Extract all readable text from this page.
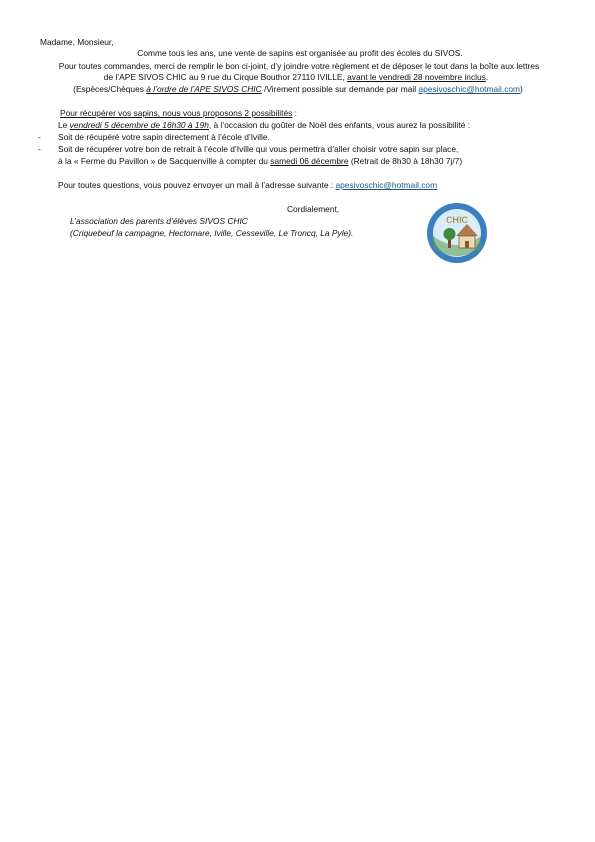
Madame, Monsieur,
Comme tous les ans, une vente de sapins est organisée au profit des écoles du SIVOS.
Pour toutes commandes, merci de remplir le bon ci-joint, d’y joindre votre règlement et de déposer le tout dans la boîte aux lettres
de l’APE SIVOS CHIC au 9 rue du Cirque Bouthor 27110 IVILLE, avant le vendredi 28 novembre inclus.
(Espèces/Chèques à l’ordre de l’APE SIVOS CHIC /Virement possible sur demande par mail apesivoschic@hotmail.com)
Pour récupérer vos sapins, nous vous proposons 2 possibilités :
Le vendredi 5 décembre de 16h30 à 19h, à l’occasion du goûter de Noël des enfants, vous aurez la possibilité :
- Soit de récupéré votre sapin directement à l’école d’Iville.
- Soit de récupérer votre bon de retrait à l’école d’Iville qui vous permettra d’aller choisir votre sapin sur place,
à la « Ferme du Pavillon » de Sacquenville à compter du samedi 06 décembre (Retrait de 8h30 à 18h30 7j/7)
Pour toutes questions, vous pouvez envoyer un mail à l’adresse suivante : apesivoschic@hotmail.com
Cordialement,
L’association des parents d’élèves SIVOS CHIC
(Criquebeuf la campagne, Hectomare, Iville, Cesseville, Le Troncq, La Pyle).
CHIC
